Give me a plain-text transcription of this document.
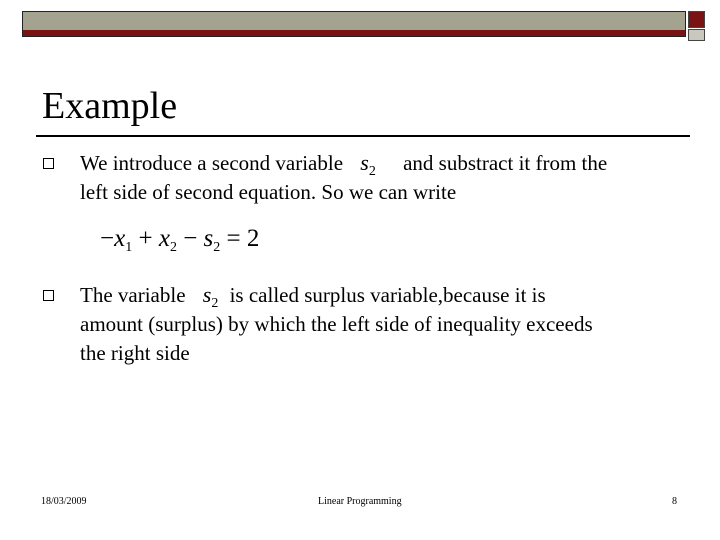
Example
We introduce a second variable $s_2$ and substract it from the
left side of second equation. So we can write
$-x_1 + x_2 - s_2 = 2$
The variable $s_2$ is called surplus variable,because it is
amount (surplus) by which the left side of inequality exceeds
the right side
18/03/2009	Linear Programming	8
